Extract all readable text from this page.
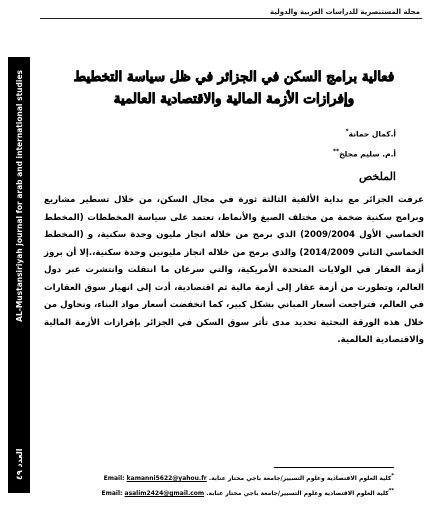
مجلة المستنصرية للدراسات العربية والدولية
العدد ٤٩
AL-Mustansiriyah journal for arab and international studies	فعالية برامج السكن في الجزائر في ظل سياسة التخطيط
وإفرازات الأزمة المالية والاقتصادية العالمية
أ.كمال حمانة*
أ.م. سليم مجلخ**
الملخص

عرفت الجزائر مع بداية الألفية الثالثة ثورة في مجال السكن، من خلال تسطير مشاريع وبرامج سكنية ضخمة من مختلف الصيغ والأنماط، تعتمد على سياسة المخططات (المخطط الخماسي الأول 2009/2004) الذي برمج من خلاله انجاز مليون وحدة سكنية، و (المخطط الخماسي الثاني 2014/2009) والذي برمج من خلاله انجاز مليونين وحدة سكنية،.إلا أن بروز أزمة العقار في الولايات المتحدة الأمريكية، والتي سرعان ما انتقلت وانتشرت عبر دول العالم، وتطورت من أزمة عقار إلى أزمة مالية ثم اقتصادية، أدت إلى انهيار سوق العقارات في العالم، فتراجعت أسعار المباني بشكل كبير، كما انخفضت أسعار مواد البناء، ونحاول من خلال هذه الورقة البحثية تحديد مدى تأثر سوق السكن في الجزائر بإفرازات الأزمة المالية والاقتصادية العالمية.

*كلية العلوم الاقتصادية وعلوم التسيير/جامعة باجي مختار عنابة. Email: kamanni5622@yahou.fr
**كلية العلوم الاقتصادية وعلوم التسيير/جامعة باجي مختار عنابة. Email: asalim2424@gmail.com
